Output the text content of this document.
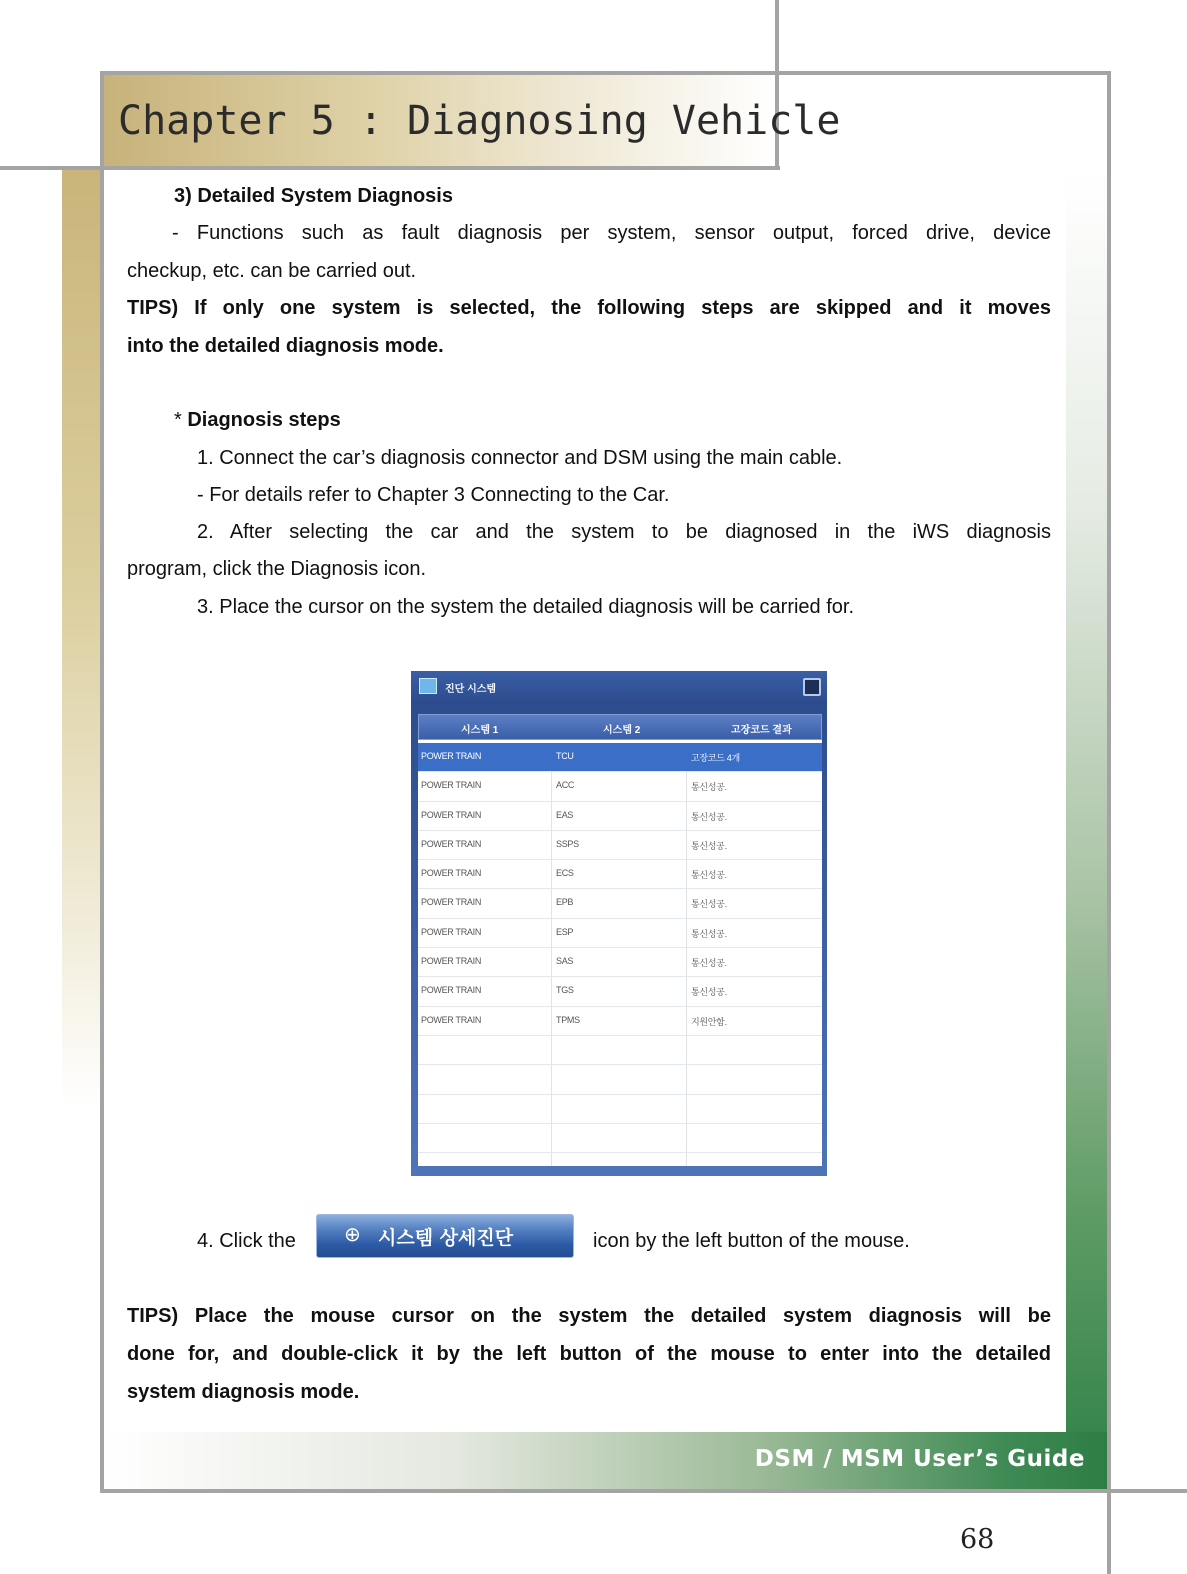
Chapter 5 : Diagnosing Vehicle
3) Detailed System Diagnosis
- Functions such as fault diagnosis per system, sensor output, forced drive, device
checkup, etc. can be carried out.
TIPS) If only one system is selected, the following steps are skipped and it moves
into the detailed diagnosis mode.
* Diagnosis steps
1. Connect the car’s diagnosis connector and DSM using the main cable.
- For details refer to Chapter 3 Connecting to the Car.
2. After selecting the car and the system to be diagnosed in the iWS diagnosis
program, click the Diagnosis icon.
3. Place the cursor on the system the detailed diagnosis will be carried for.
진단 시스템
시스템 1	시스템 2	고장코드 결과
POWER TRAIN	TCU	고장코드 4개
POWER TRAIN	ACC	통신성공.
POWER TRAIN	EAS	통신성공.
POWER TRAIN	SSPS	통신성공.
POWER TRAIN	ECS	통신성공.
POWER TRAIN	EPB	통신성공.
POWER TRAIN	ESP	통신성공.
POWER TRAIN	SAS	통신성공.
POWER TRAIN	TGS	통신성공.
POWER TRAIN	TPMS	지원안함.
4. Click the ⊕ 시스템 상세진단	icon by the left button of the mouse.
TIPS) Place the mouse cursor on the system the detailed system diagnosis will be
done for, and double-click it by the left button of the mouse to enter into the detailed
system diagnosis mode.
DSM / MSM User’s Guide
68
